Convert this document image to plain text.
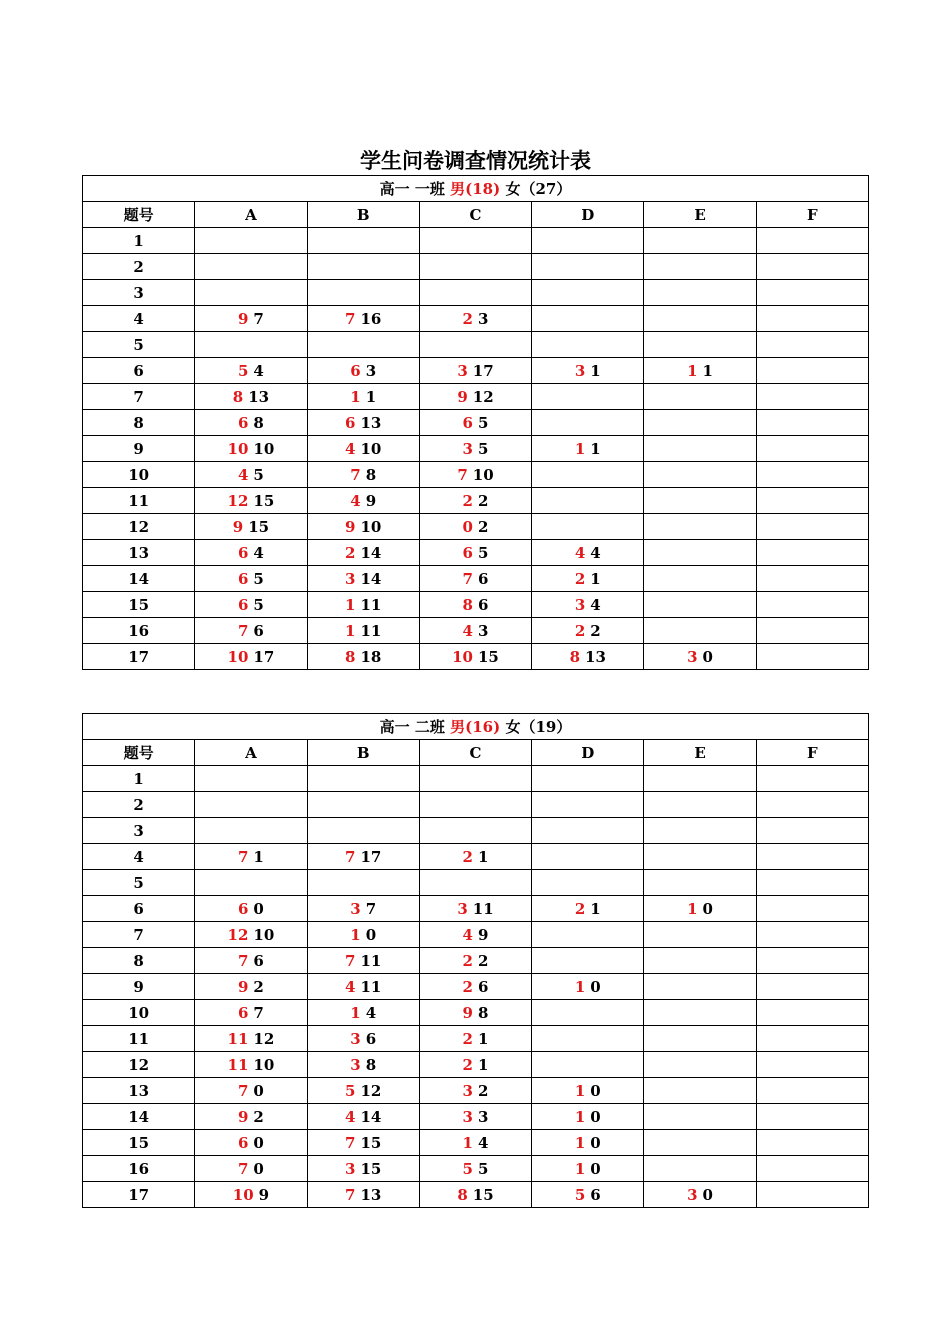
学生问卷调查情况统计表
高一 一班 男(18) 女（27）						
题号	A	B	C	D	E	F
1						
2						
3						
4	9 7	7 16	2 3			
5						
6	5 4	6 3	3 17	3 1	1 1	
7	8 13	1 1	9 12			
8	6 8	6 13	6 5			
9	10 10	4 10	3 5	1 1		
10	4 5	7 8	7 10			
11	12 15	4 9	2 2			
12	9 15	9 10	0 2			
13	6 4	2 14	6 5	4 4		
14	6 5	3 14	7 6	2 1		
15	6 5	1 11	8 6	3 4		
16	7 6	1 11	4 3	2 2		
17	10 17	8 18	10 15	8 13	3 0	
高一 二班 男(16) 女（19）						
题号	A	B	C	D	E	F
1						
2						
3						
4	7 1	7 17	2 1			
5						
6	6 0	3 7	3 11	2 1	1 0	
7	12 10	1 0	4 9			
8	7 6	7 11	2 2			
9	9 2	4 11	2 6	1 0		
10	6 7	1 4	9 8			
11	11 12	3 6	2 1			
12	11 10	3 8	2 1			
13	7 0	5 12	3 2	1 0		
14	9 2	4 14	3 3	1 0		
15	6 0	7 15	1 4	1 0		
16	7 0	3 15	5 5	1 0		
17	10 9	7 13	8 15	5 6	3 0	
